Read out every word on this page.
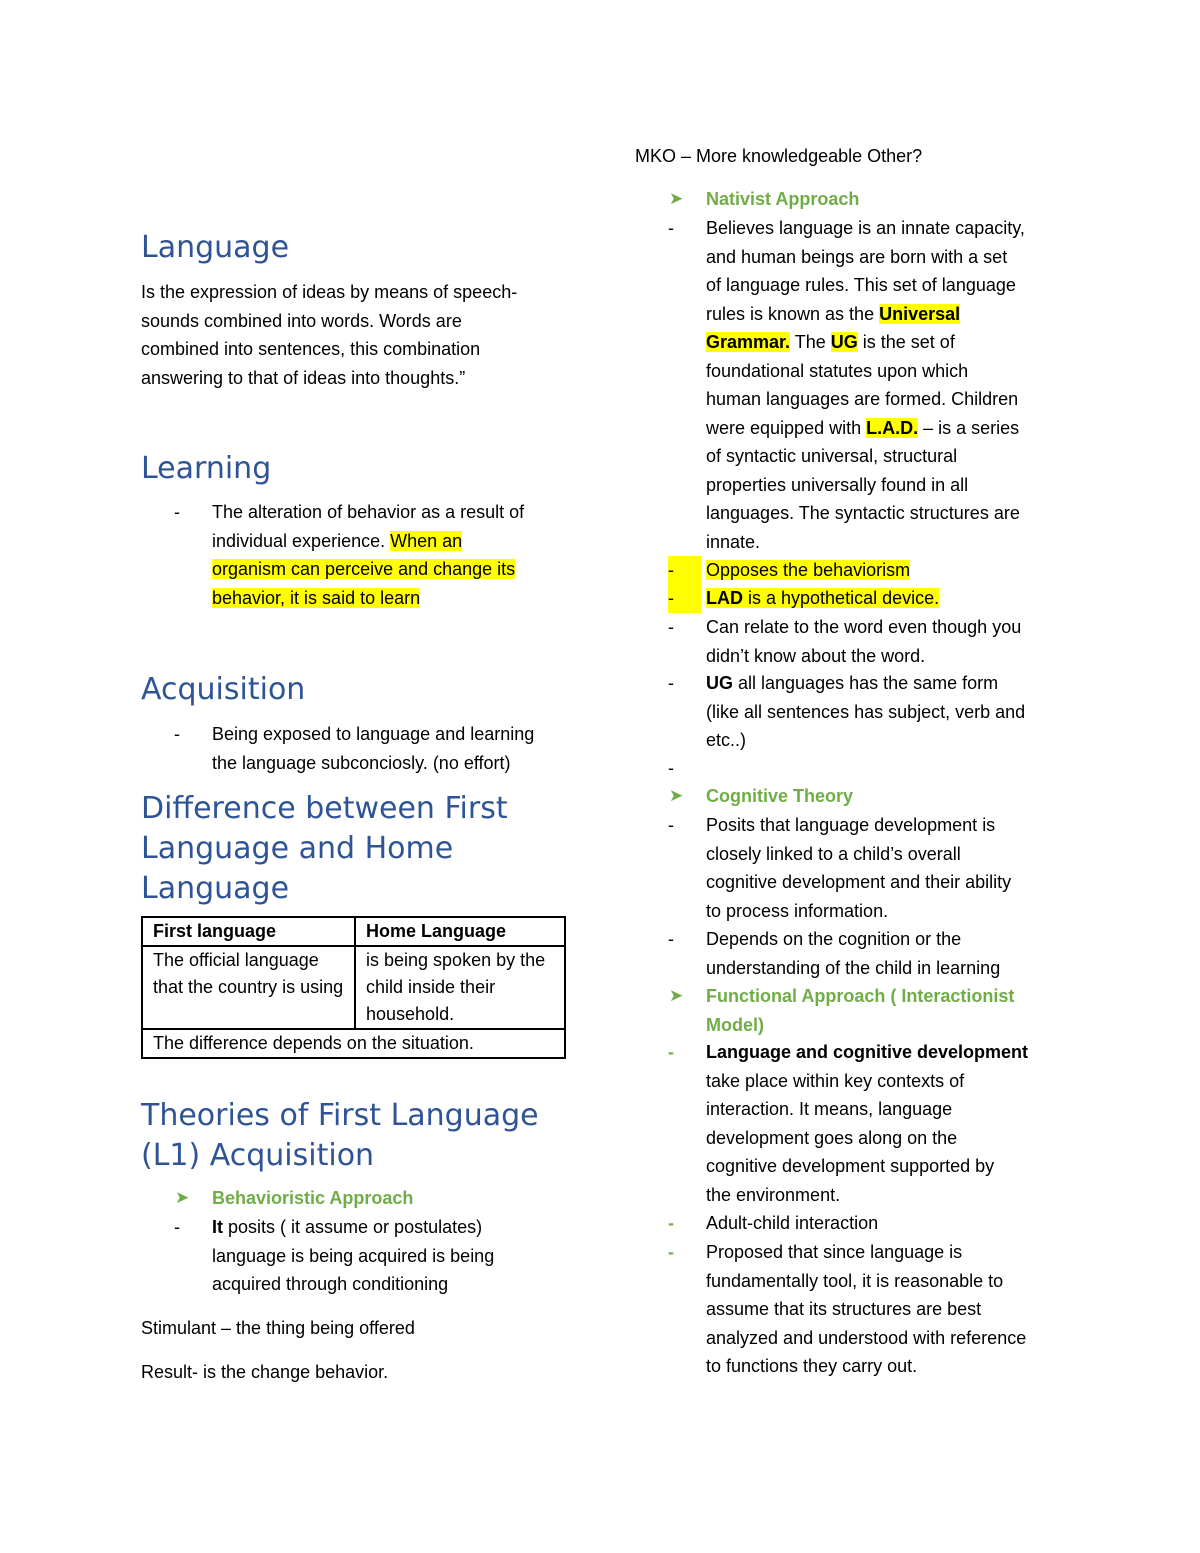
Language
Is the expression of ideas by means of speech-
sounds combined into words. Words are
combined into sentences, this combination
answering to that of ideas into thoughts.”
Learning
-	The alteration of behavior as a result of
individual experience. When an
organism can perceive and change its
behavior, it is said to learn
Acquisition
-	Being exposed to language and learning
the language subconciosly. (no effort)
Difference between First
Language and Home
Language
First language	Home Language
The official language that the country is using	is being spoken by the child inside their household.
The difference depends on the situation.	
Theories of First Language
(L1) Acquisition
➤	Behavioristic Approach
-	It posits ( it assume or postulates)
language is being acquired is being
acquired through conditioning
Stimulant – the thing being offered
Result- is the change behavior.
MKO – More knowledgeable Other?
➤	Nativist Approach
-	Believes language is an innate capacity,
and human beings are born with a set
of language rules. This set of language
rules is known as the Universal
Grammar. The UG is the set of
foundational statutes upon which
human languages are formed. Children
were equipped with L.A.D. – is a series
of syntactic universal, structural
properties universally found in all
languages. The syntactic structures are
innate.
-	Opposes the behaviorism
-	LAD is a hypothetical device.
-	Can relate to the word even though you
didn’t know about the word.
-	UG all languages has the same form
(like all sentences has subject, verb and
etc..)
-
➤	Cognitive Theory
-	Posits that language development is
closely linked to a child’s overall
cognitive development and their ability
to process information.
-	Depends on the cognition or the
understanding of the child in learning
➤	Functional Approach ( Interactionist
Model)
-	Language and cognitive development
take place within key contexts of
interaction. It means, language
development goes along on the
cognitive development supported by
the environment.
-	Adult-child interaction
-	Proposed that since language is
fundamentally tool, it is reasonable to
assume that its structures are best
analyzed and understood with reference
to functions they carry out.
